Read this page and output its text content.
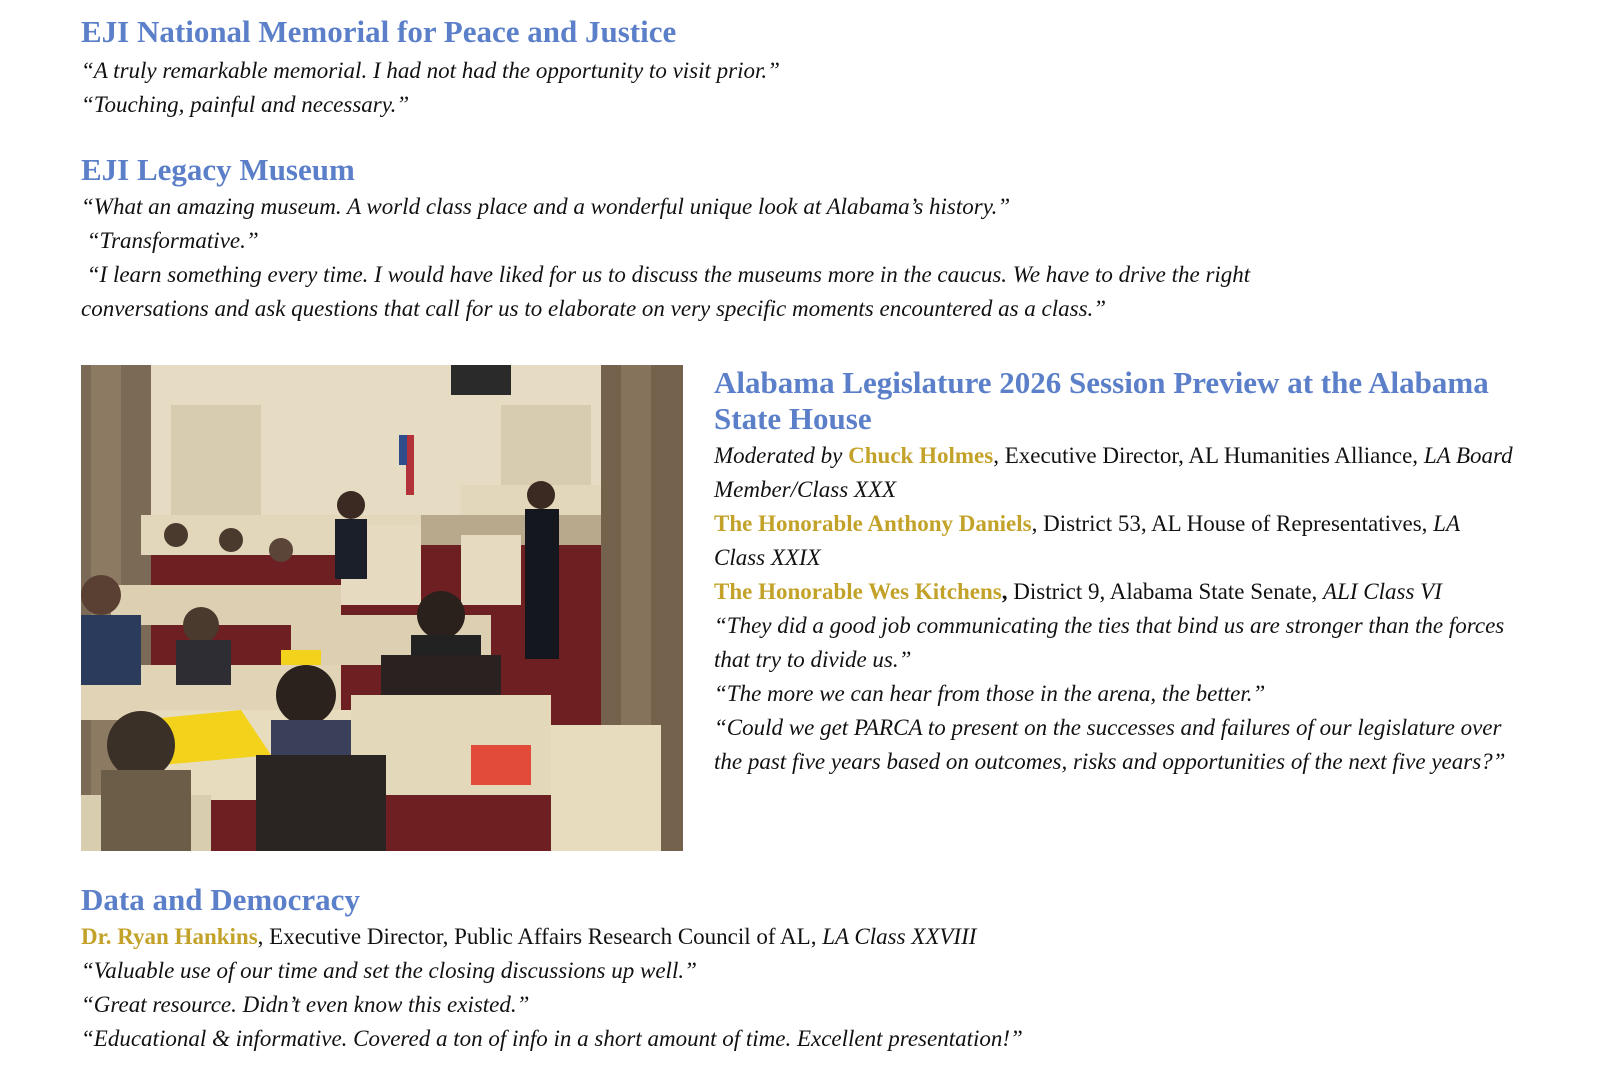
EJI National Memorial for Peace and Justice

“A truly remarkable memorial. I had not had the opportunity to visit prior.”

“Touching, painful and necessary.”

EJI Legacy Museum

“What an amazing museum. A world class place and a wonderful unique look at Alabama’s history.”

“Transformative.”

“I learn something every time. I would have liked for us to discuss the museums more in the caucus. We have to drive the right

conversations and ask questions that call for us to elaborate on very specific moments encountered as a class.”

Alabama Legislature 2026 Session Preview at the Alabama State House

Moderated by Chuck Holmes, Executive Director, AL Humanities Alliance, LA Board Member/Class XXX

The Honorable Anthony Daniels, District 53, AL House of Representatives, LA Class XXIX

The Honorable Wes Kitchens, District 9, Alabama State Senate, ALI Class VI

“They did a good job communicating the ties that bind us are stronger than the forces that try to divide us.”

“The more we can hear from those in the arena, the better.”

“Could we get PARCA to present on the successes and failures of our legislature over the past five years based on outcomes, risks and opportunities of the next five years?”

Data and Democracy

Dr. Ryan Hankins, Executive Director, Public Affairs Research Council of AL, LA Class XXVIII

“Valuable use of our time and set the closing discussions up well.”

“Great resource. Didn’t even know this existed.”

“Educational & informative. Covered a ton of info in a short amount of time. Excellent presentation!”
